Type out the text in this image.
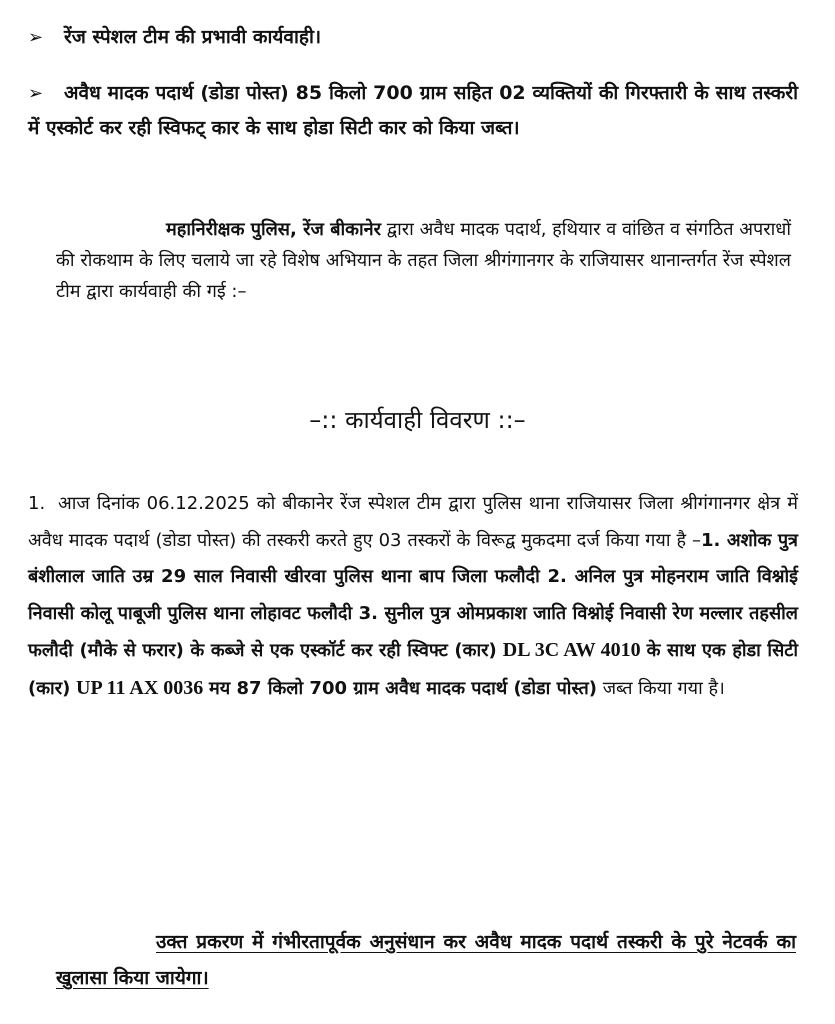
➢ रेंज स्पेशल टीम की प्रभावी कार्यवाही।
➢ अवैध मादक पदार्थ (डोडा पोस्त) 85 किलो 700 ग्राम सहित 02 व्यक्तियों की गिरफ्तारी के साथ तस्करी में एस्कोर्ट कर रही स्विफट् कार के साथ होडा सिटी कार को किया जब्त।
महानिरीक्षक पुलिस, रेंज बीकानेर द्वारा अवैध मादक पदार्थ, हथियार व वांछित व संगठित अपराधों की रोकथाम के लिए चलाये जा रहे विशेष अभियान के तहत जिला श्रीगंगानगर के राजियासर थानान्तर्गत रेंज स्पेशल टीम द्वारा कार्यवाही की गई :–
–:: कार्यवाही विवरण ::–
1. आज दिनांक 06.12.2025 को बीकानेर रेंज स्पेशल टीम द्वारा पुलिस थाना राजियासर जिला श्रीगंगानगर क्षेत्र में अवैध मादक पदार्थ (डोडा पोस्त) की तस्करी करते हुए 03 तस्करों के विरूद्व मुकदमा दर्ज किया गया है –1. अशोक पुत्र बंशीलाल जाति उम्र 29 साल निवासी खीरवा पुलिस थाना बाप जिला फलौदी 2. अनिल पुत्र मोहनराम जाति विश्नोई निवासी कोलू पाबूजी पुलिस थाना लोहावट फलौदी 3. सुनील पुत्र ओमप्रकाश जाति विश्नोई निवासी रेण मल्लार तहसील फलौदी (मौके से फरार) के कब्जे से एक एस्कॉर्ट कर रही स्विफ्ट (कार) DL 3C AW 4010 के साथ एक होडा सिटी (कार) UP 11 AX 0036 मय 87 किलो 700 ग्राम अवैध मादक पदार्थ (डोडा पोस्त) जब्त किया गया है।
उक्त प्रकरण में गंभीरतापूर्वक अनुसंधान कर अवैध मादक पदार्थ तस्करी के पुरे नेटवर्क का खुलासा किया जायेगा।
